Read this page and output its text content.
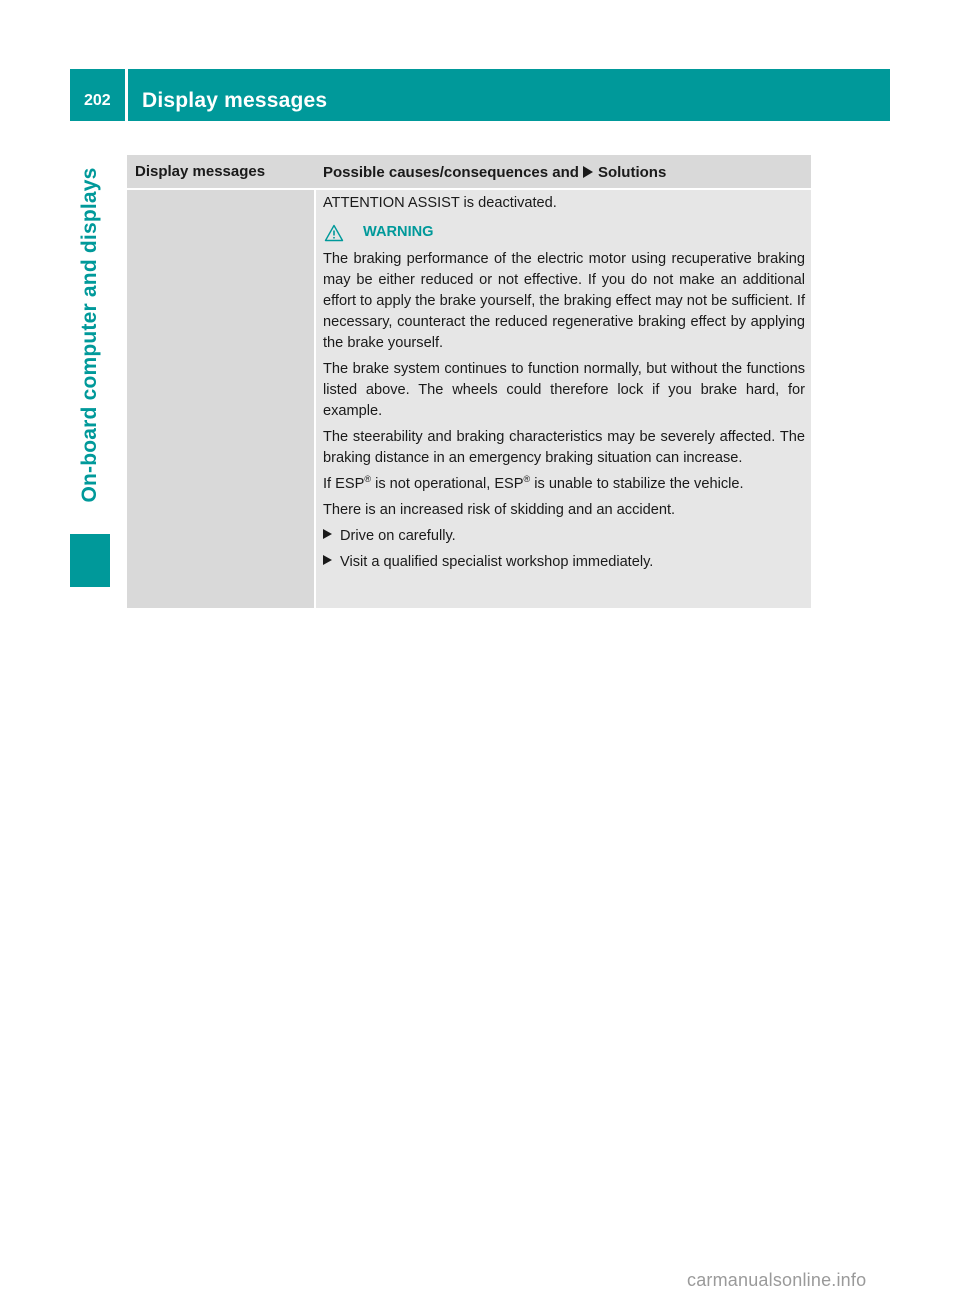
202 Display messages
On-board computer and displays Display messages	Possible causes/consequences and Solutions

ATTENTION ASSIST is deactivated.

WARNING

The braking performance of the electric motor using recuperative braking may be either reduced or not effective. If you do not make an additional effort to apply the brake yourself, the braking effect may not be sufficient. If necessary, counteract the reduced regenerative braking effect by applying the brake yourself.

The brake system continues to function normally, but without the functions listed above. The wheels could therefore lock if you brake hard, for example.

The steerability and braking characteristics may be severely affected. The braking distance in an emergency braking situation can increase.

If ESP® is not operational, ESP® is unable to stabilize the vehicle.

There is an increased risk of skidding and an accident.

Drive on carefully.
Visit a qualified specialist workshop immediately.
carmanualsonline.info
